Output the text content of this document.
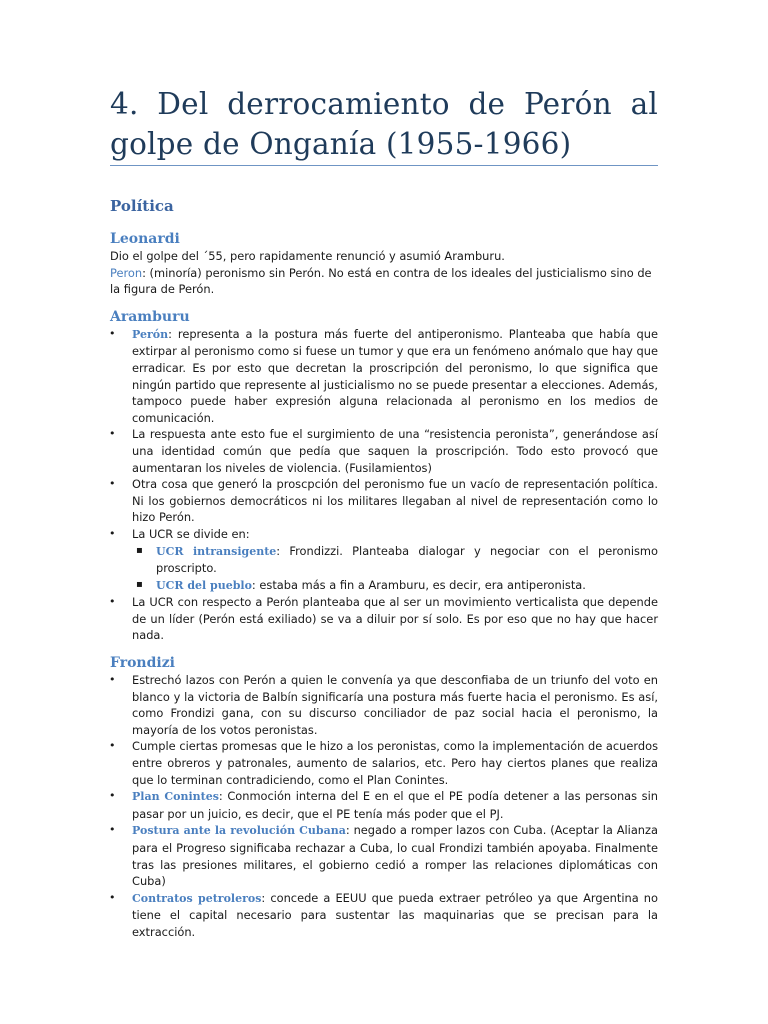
4. Del derrocamiento de Perón al golpe de Onganía (1955-1966)
Política
Leonardi

Dio el golpe del ´55, pero rapidamente renunció y asumió Aramburu.

Peron: (minoría) peronismo sin Perón. No está en contra de los ideales del justicialismo sino de la figura de Perón.

Aramburu
• Perón: representa a la postura más fuerte del antiperonismo. Planteaba que había que extirpar al peronismo como si fuese un tumor y que era un fenómeno anómalo que hay que erradicar. Es por esto que decretan la proscripción del peronismo, lo que significa que ningún partido que represente al justicialismo no se puede presentar a elecciones. Además, tampoco puede haber expresión alguna relacionada al peronismo en los medios de comunicación.
• La respuesta ante esto fue el surgimiento de una “resistencia peronista”, generándose así una identidad común que pedía que saquen la proscripción. Todo esto provocó que aumentaran los niveles de violencia. (Fusilamientos)
• Otra cosa que generó la proscpción del peronismo fue un vacío de representación política. Ni los gobiernos democráticos ni los militares llegaban al nivel de representación como lo hizo Perón.
• La UCR se divide en:
▪ UCR intransigente: Frondizzi. Planteaba dialogar y negociar con el peronismo proscripto.
▪ UCR del pueblo: estaba más a fin a Aramburu, es decir, era antiperonista.
• La UCR con respecto a Perón planteaba que al ser un movimiento verticalista que depende de un líder (Perón está exiliado) se va a diluir por sí solo. Es por eso que no hay que hacer nada.
Frondizi
• Estrechó lazos con Perón a quien le convenía ya que desconfiaba de un triunfo del voto en blanco y la victoria de Balbín significaría una postura más fuerte hacia el peronismo. Es así, como Frondizi gana, con su discurso conciliador de paz social hacia el peronismo, la mayoría de los votos peronistas.
• Cumple ciertas promesas que le hizo a los peronistas, como la implementación de acuerdos entre obreros y patronales, aumento de salarios, etc. Pero hay ciertos planes que realiza que lo terminan contradiciendo, como el Plan Conintes.
• Plan Conintes: Conmoción interna del E en el que el PE podía detener a las personas sin pasar por un juicio, es decir, que el PE tenía más poder que el PJ.
• Postura ante la revolución Cubana: negado a romper lazos con Cuba. (Aceptar la Alianza para el Progreso significaba rechazar a Cuba, lo cual Frondizi también apoyaba. Finalmente tras las presiones militares, el gobierno cedió a romper las relaciones diplomáticas con Cuba)
• Contratos petroleros: concede a EEUU que pueda extraer petróleo ya que Argentina no tiene el capital necesario para sustentar las maquinarias que se precisan para la extracción.
